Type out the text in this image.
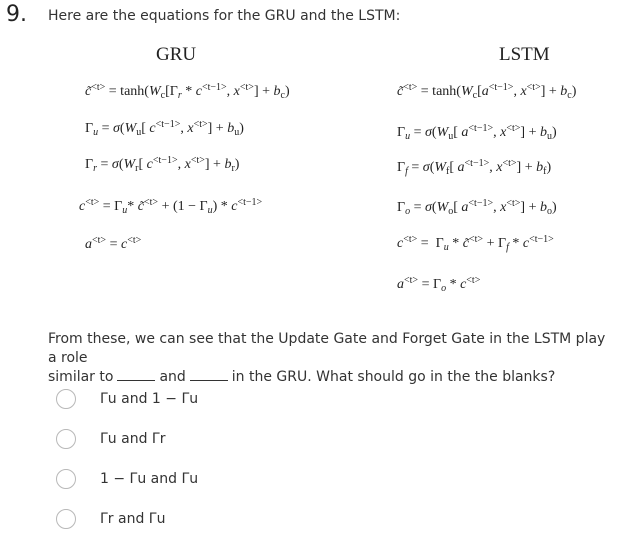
9. Here are the equations for the GRU and the LSTM:
GRU	LSTM
c̃$^{<t>}$ = $\tanh(W_c[\Gamma_r * c^{<t-1>}$, $x^{<t>}] + b_c$)
$\Gamma_u = \sigma(W_u$[ $c^{<t-1>}$, $x^{<t>}] + b_u$)
$\Gamma_r = \sigma(W_r$[ $c^{<t-1>}$, $x^{<t>}] + b_r$)
$c^{<t>} = \Gamma_u*$ c̃$^{<t>}$ + $(1 - \Gamma_u) * c^{<t-1>}$
$a^{<t>} = c^{<t>}$
c̃$^{<t>}$ = $\tanh(W_c[a^{<t-1>}$, $x^{<t>}] + b_c$)
$\Gamma_u = \sigma(W_u$[ $a^{<t-1>}$, $x^{<t>}] + b_u$)
$\Gamma_f = \sigma(W_f$[ $a^{<t-1>}$, $x^{<t>}] + b_f$)
$\Gamma_o = \sigma(W_o$[ $a^{<t-1>}$, $x^{<t>}] + b_o$)
$c^{<t>} = \Gamma_u$ * c̃$^{<t>}$ + $\Gamma_f * c^{<t-1>}$
$a^{<t>} = \Gamma_o * c^{<t>}$
From these, we can see that the Update Gate and Forget Gate in the LSTM play a role
similar to	and	in the GRU. What should go in the the blanks?
Γu and 1 − Γu
Γu and Γr
1 − Γu and Γu
Γr and Γu
